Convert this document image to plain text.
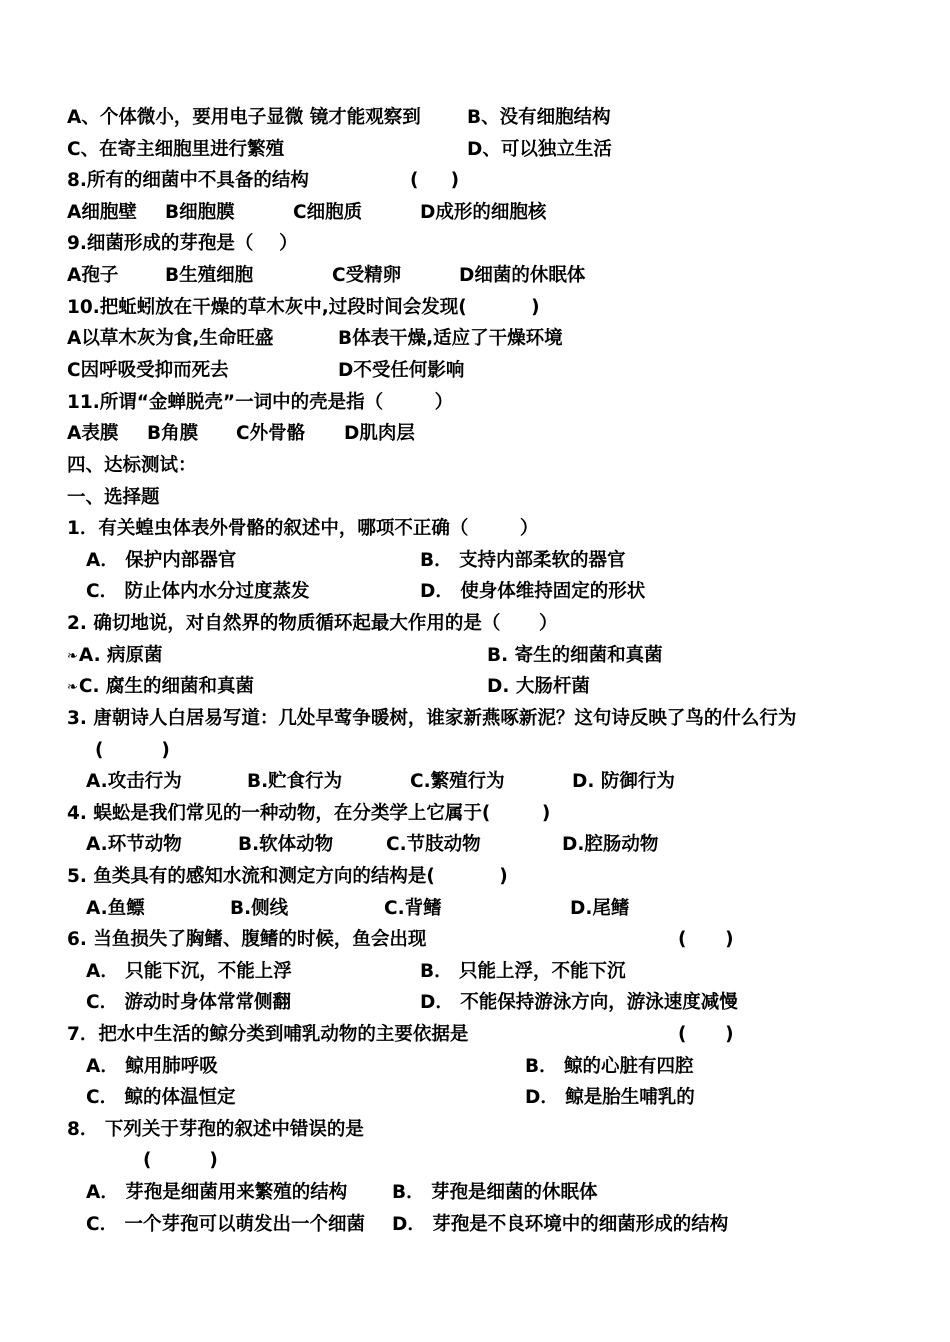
A、个体微小，要用电子显微 镜才能观察到

B、没有细胞结构

C、在寄主细胞里进行繁殖

	D、可以独立生活

8.所有的细菌中不具备的结构

	(     )

A细胞壁

B细胞膜

	C细胞质

	D成形的细胞核

9.细菌形成的芽孢是（    ）

A孢子

	B生殖细胞

	C受精卵

	D细菌的休眠体

10.把蚯蚓放在干燥的草木灰中,过段时间会发现(          )

A以草木灰为食,生命旺盛

	B体表干燥,适应了干燥环境

C因呼吸受抑而死去

	D不受任何影响

11.所谓“金蝉脱壳”一词中的壳是指（        ）

A表膜

B角膜

C外骨骼

D肌肉层

四、达标测试：
一、选择题
1．有关蝗虫体表外骨骼的叙述中，哪项不正确（        ）

A． 保护内部器官

	B． 支持内部柔软的器官

C． 防止体内水分过度蒸发

	D． 使身体维持固定的形状

2. 确切地说，对自然界的物质循环起最大作用的是（      ）

❧A. 病原菌

	B. 寄生的细菌和真菌

❧C. 腐生的细菌和真菌

	D. 大肠杆菌

3. 唐朝诗人白居易写道：几处早莺争暖树，谁家新燕啄新泥？这句诗反映了鸟的什么行为
(         )

A.攻击行为

	B.贮食行为

	C.繁殖行为

	D. 防御行为

4. 蜈蚣是我们常见的一种动物，在分类学上它属于(        )

A.环节动物

	B.软体动物

	C.节肢动物

	D.腔肠动物

5. 鱼类具有的感知水流和测定方向的结构是(          )

A.鱼鳔

	B.侧线

	C.背鳍

	D.尾鳍

6. 当鱼损失了胸鳍、腹鳍的时候，鱼会出现

	(      )

A． 只能下沉，不能上浮

	B． 只能上浮，不能下沉

C． 游动时身体常常侧翻

	D． 不能保持游泳方向，游泳速度减慢

7．把水中生活的鲸分类到哺乳动物的主要依据是

	(      )

A． 鲸用肺呼吸

	B． 鲸的心脏有四腔

C． 鲸的体温恒定

	D． 鲸是胎生哺乳的

8． 下列关于芽孢的叙述中错误的是
(         )

A． 芽孢是细菌用来繁殖的结构

B． 芽孢是细菌的休眠体

C． 一个芽孢可以萌发出一个细菌

D． 芽孢是不良环境中的细菌形成的结构
